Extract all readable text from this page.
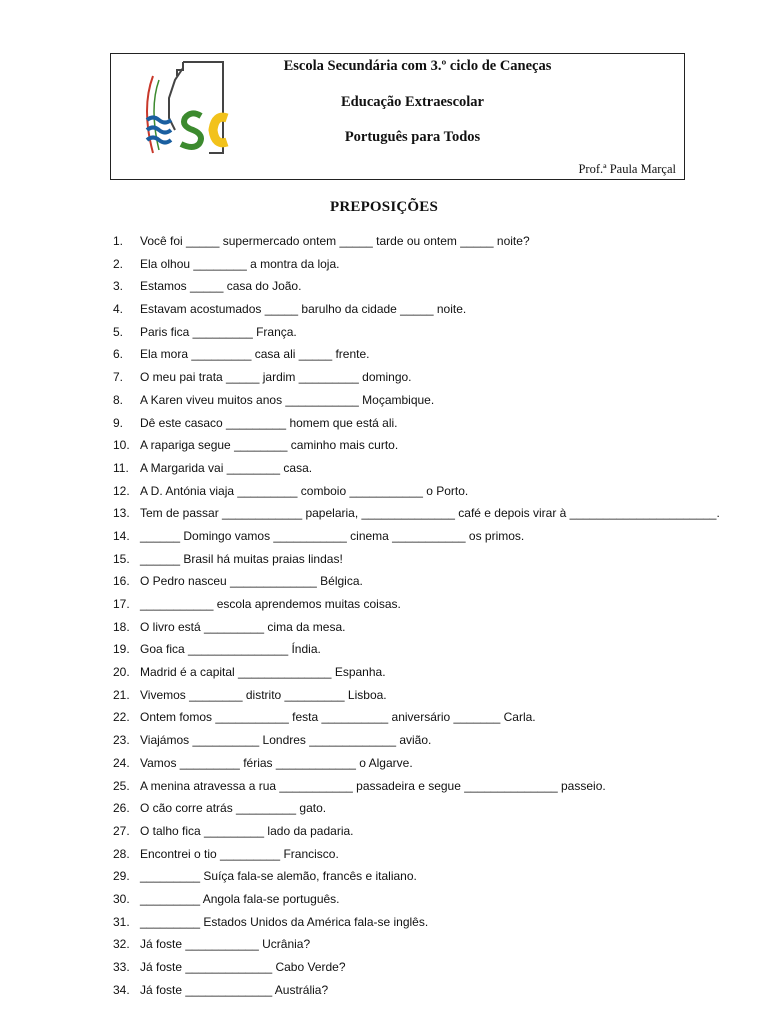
Escola Secundária com 3.º ciclo de Caneças
Educação Extraescolar
Português para Todos
Prof.ª Paula Marçal
PREPOSIÇÕES
1. Você foi _____ supermercado ontem _____ tarde ou ontem _____ noite?
2. Ela olhou ________ a montra da loja.
3. Estamos _____ casa do João.
4. Estavam acostumados _____ barulho da cidade _____ noite.
5. Paris fica _________ França.
6. Ela mora _________ casa ali _____ frente.
7. O meu pai trata _____ jardim _________ domingo.
8. A Karen viveu muitos anos ___________ Moçambique.
9. Dê este casaco _________ homem que está ali.
10. A rapariga segue ________ caminho mais curto.
11. A Margarida vai ________ casa.
12. A D. Antónia viaja _________ comboio ___________ o Porto.
13. Tem de passar ____________ papelaria, ______________ café e depois virar à ______________________.
14. ______ Domingo vamos ___________ cinema ___________ os primos.
15. ______ Brasil há muitas praias lindas!
16. O Pedro nasceu _____________ Bélgica.
17. ___________ escola aprendemos muitas coisas.
18. O livro está _________ cima da mesa.
19. Goa fica _______________ Índia.
20. Madrid é a capital ______________ Espanha.
21. Vivemos ________ distrito _________ Lisboa.
22. Ontem fomos ___________ festa __________ aniversário _______ Carla.
23. Viajámos __________ Londres _____________ avião.
24. Vamos _________ férias ____________ o Algarve.
25. A menina atravessa a rua ___________ passadeira e segue ______________ passeio.
26. O cão corre atrás _________ gato.
27. O talho fica _________ lado da padaria.
28. Encontrei o tio _________ Francisco.
29. _________ Suíça fala-se alemão, francês e italiano.
30. _________ Angola fala-se português.
31. _________ Estados Unidos da América fala-se inglês.
32. Já foste ___________ Ucrânia?
33. Já foste _____________ Cabo Verde?
34. Já foste _____________ Austrália?
